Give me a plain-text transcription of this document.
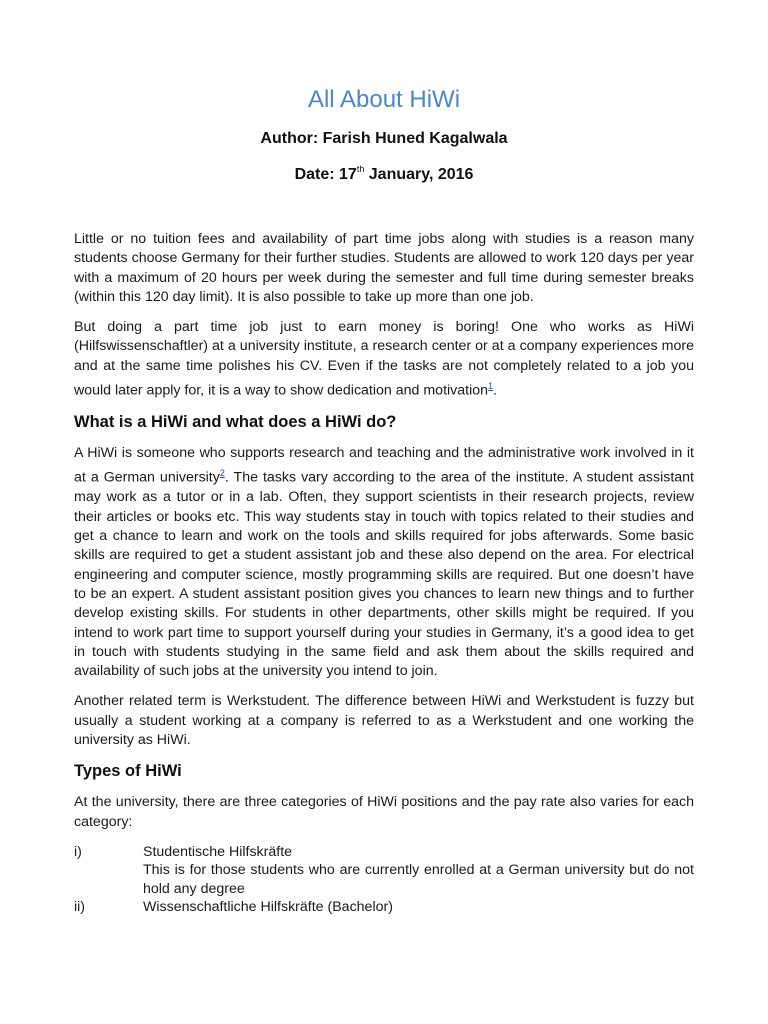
All About HiWi
Author: Farish Huned Kagalwala
Date: 17th January, 2016

Little or no tuition fees and availability of part time jobs along with studies is a reason many students choose Germany for their further studies. Students are allowed to work 120 days per year with a maximum of 20 hours per week during the semester and full time during semester breaks (within this 120 day limit). It is also possible to take up more than one job.

But doing a part time job just to earn money is boring! One who works as HiWi (Hilfswissenschaftler) at a university institute, a research center or at a company experiences more and at the same time polishes his CV. Even if the tasks are not completely related to a job you would later apply for, it is a way to show dedication and motivation$^1$.

What is a HiWi and what does a HiWi do?

A HiWi is someone who supports research and teaching and the administrative work involved in it at a German university$^2$. The tasks vary according to the area of the institute. A student assistant may work as a tutor or in a lab. Often, they support scientists in their research projects, review their articles or books etc. This way students stay in touch with topics related to their studies and get a chance to learn and work on the tools and skills required for jobs afterwards. Some basic skills are required to get a student assistant job and these also depend on the area. For electrical engineering and computer science, mostly programming skills are required. But one doesn’t have to be an expert. A student assistant position gives you chances to learn new things and to further develop existing skills. For students in other departments, other skills might be required. If you intend to work part time to support yourself during your studies in Germany, it’s a good idea to get in touch with students studying in the same field and ask them about the skills required and availability of such jobs at the university you intend to join.

Another related term is Werkstudent. The difference between HiWi and Werkstudent is fuzzy but usually a student working at a company is referred to as a Werkstudent and one working the university as HiWi.

Types of HiWi

At the university, there are three categories of HiWi positions and the pay rate also varies for each category:

i)	Studentische Hilfskräfte
This is for those students who are currently enrolled at a German university but do not hold any degree
ii)	Wissenschaftliche Hilfskräfte (Bachelor)
